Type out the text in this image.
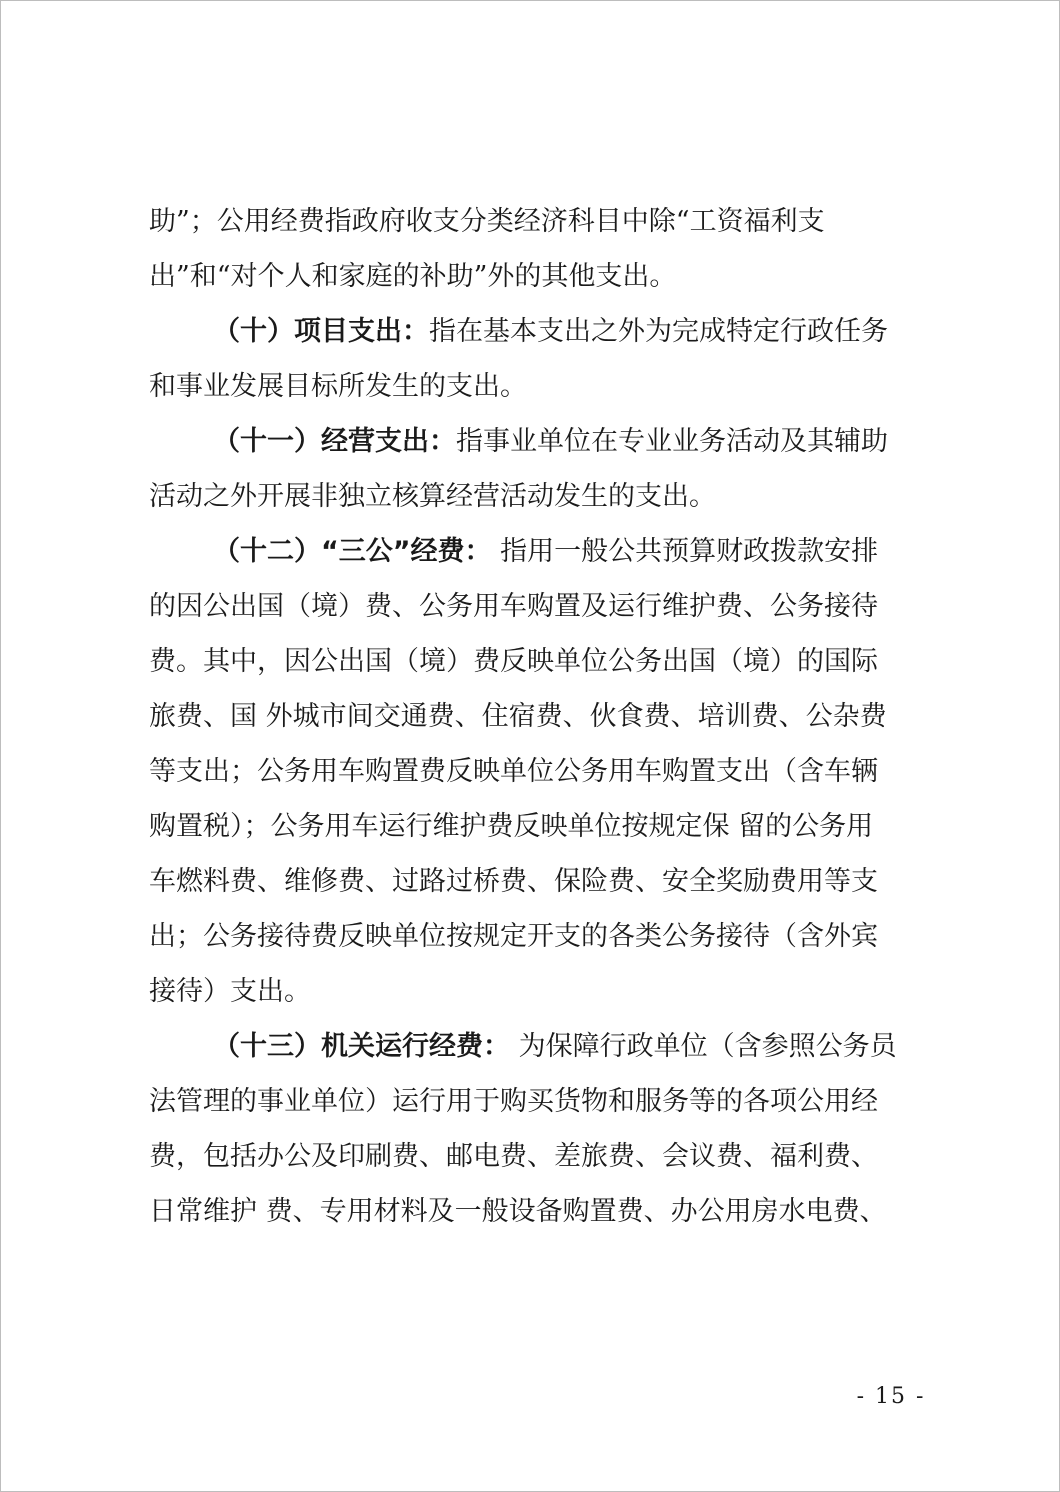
助”；公用经费指政府收支分类经济科目中除“工资福利支
出”和“对个人和家庭的补助”外的其他支出。
（十）项目支出：指在基本支出之外为完成特定行政任务
和事业发展目标所发生的支出。
（十一）经营支出：指事业单位在专业业务活动及其辅助
活动之外开展非独立核算经营活动发生的支出。
（十二）“三公”经费： 指用一般公共预算财政拨款安排
的因公出国（境）费、公务用车购置及运行维护费、公务接待
费。其中，因公出国（境）费反映单位公务出国（境）的国际
旅费、国 外城市间交通费、住宿费、伙食费、培训费、公杂费
等支出；公务用车购置费反映单位公务用车购置支出（含车辆
购置税）；公务用车运行维护费反映单位按规定保 留的公务用
车燃料费、维修费、过路过桥费、保险费、安全奖励费用等支
出；公务接待费反映单位按规定开支的各类公务接待（含外宾
接待）支出。
（十三）机关运行经费： 为保障行政单位（含参照公务员
法管理的事业单位）运行用于购买货物和服务等的各项公用经
费，包括办公及印刷费、邮电费、差旅费、会议费、福利费、
日常维护 费、专用材料及一般设备购置费、办公用房水电费、
- 15 -
